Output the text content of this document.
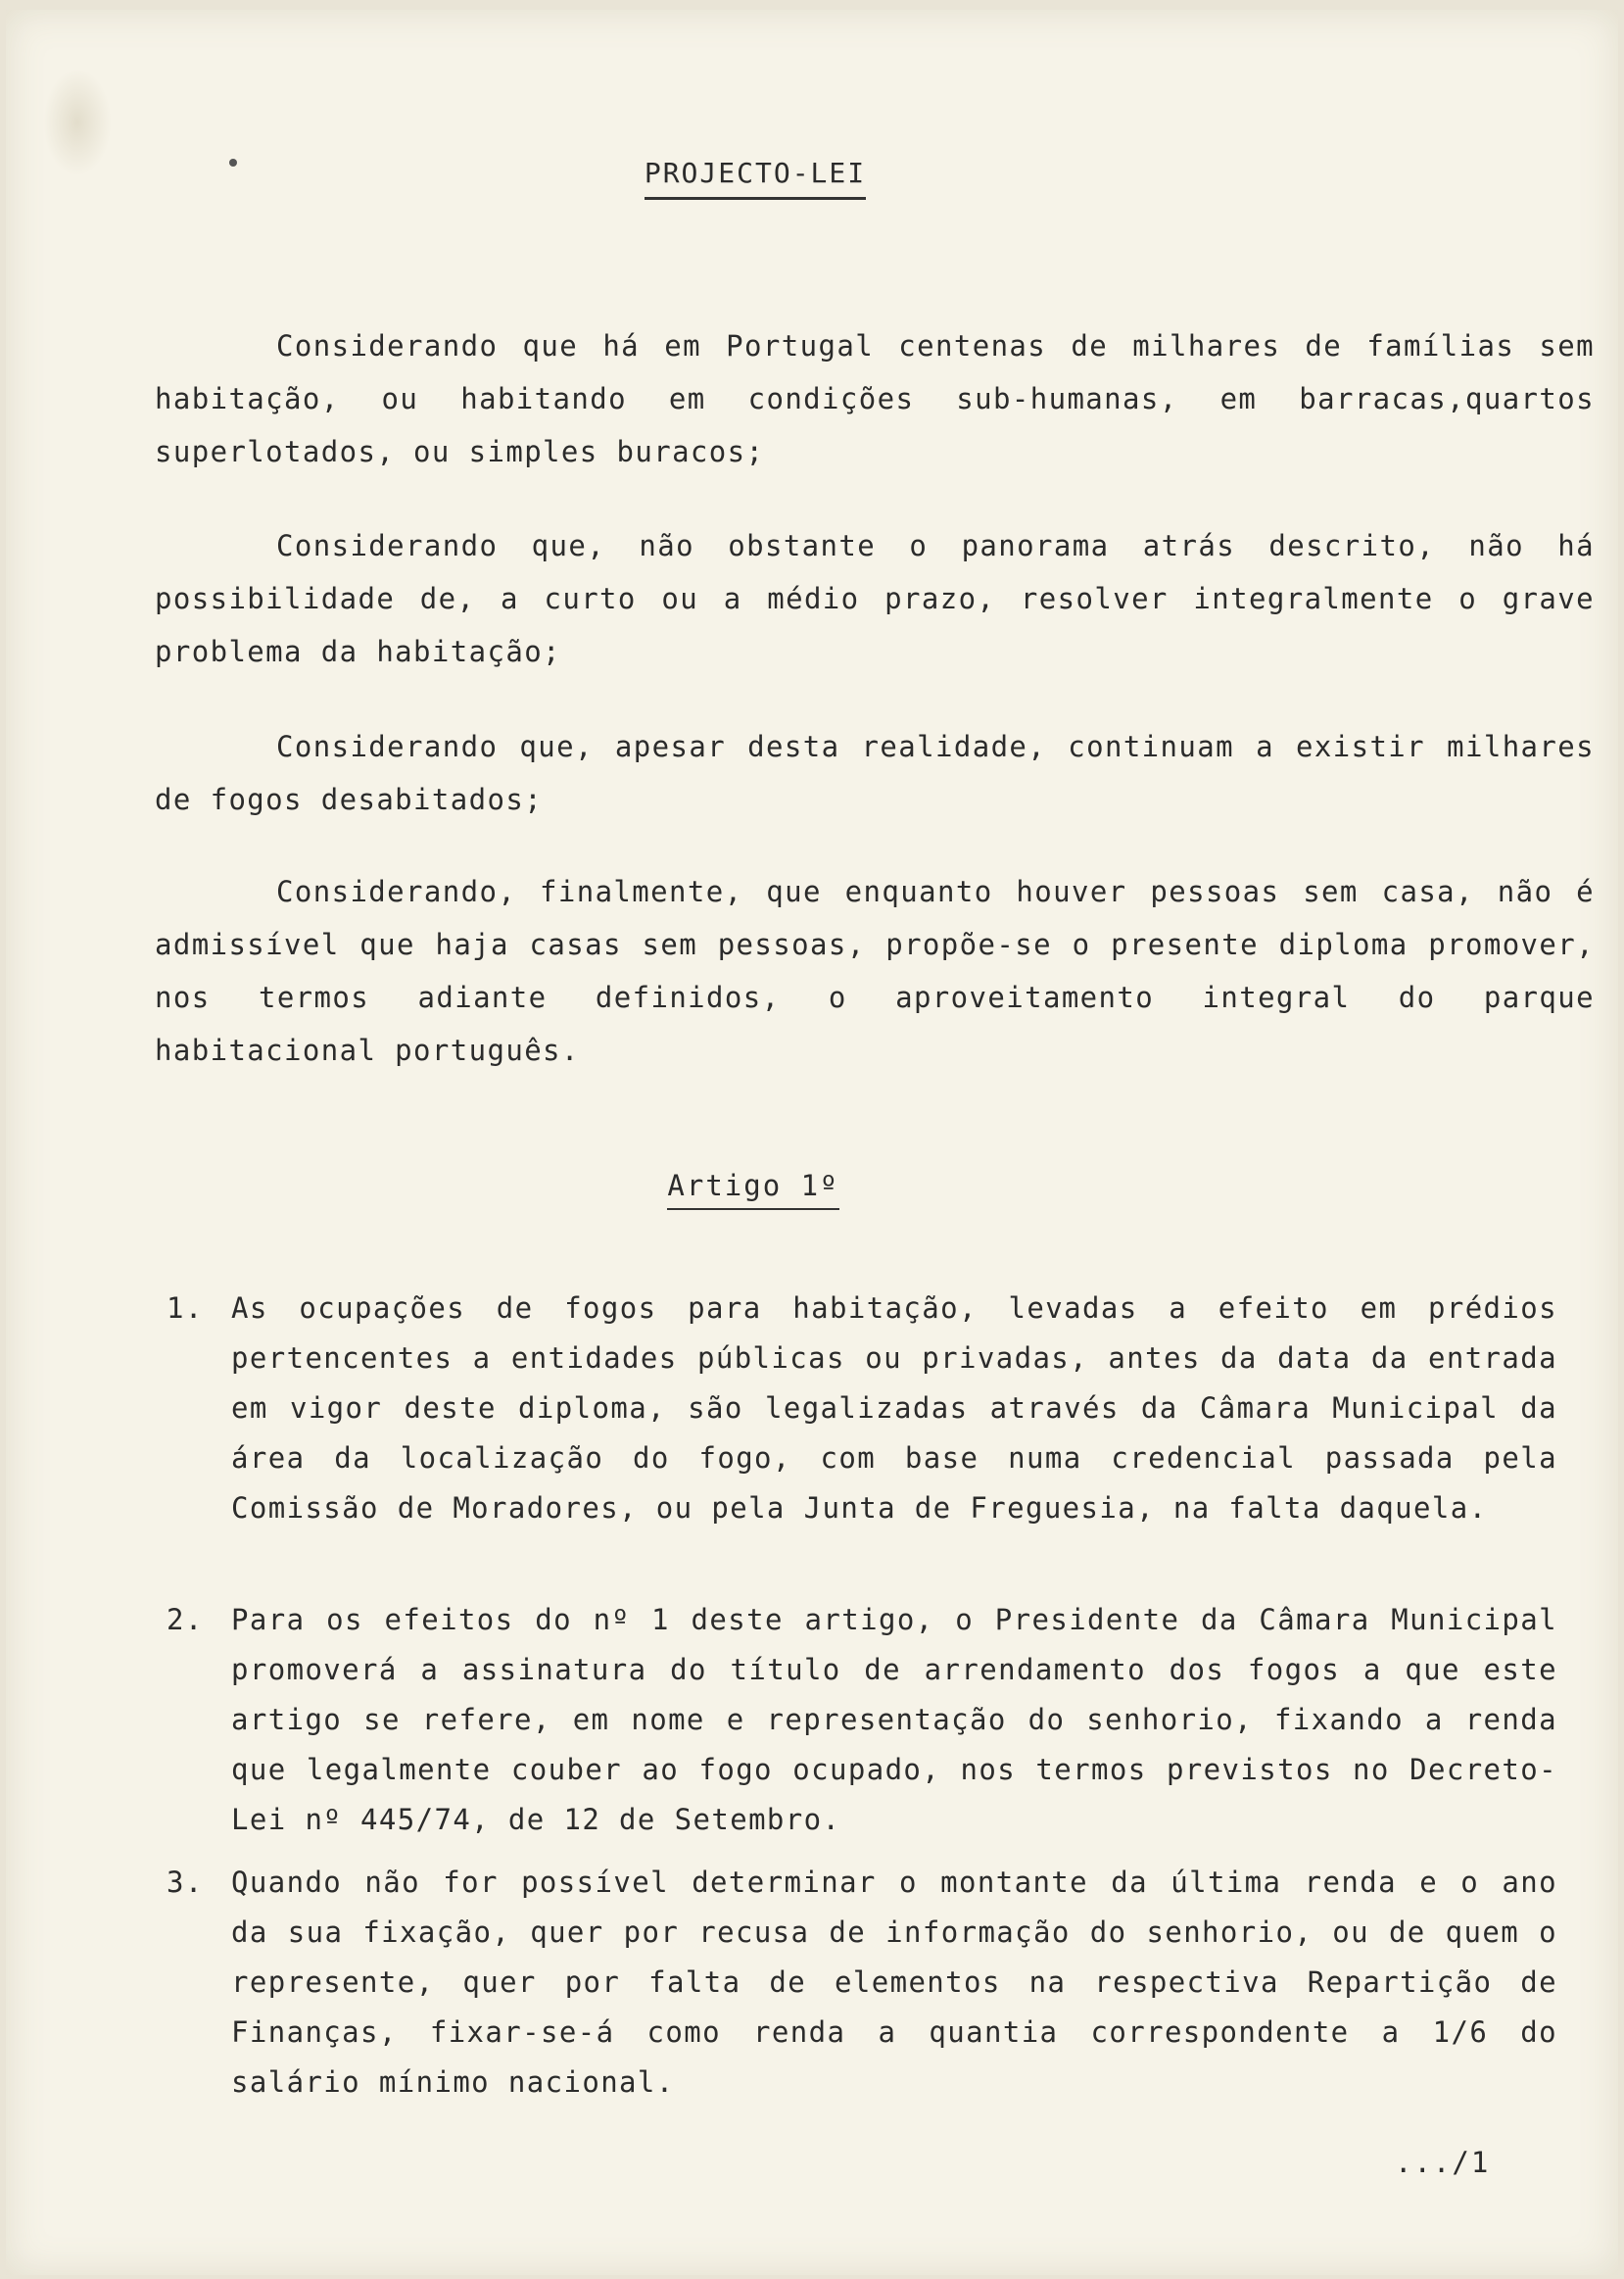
PROJECTO-LEI

Considerando que há em Portugal centenas de milhares de famílias sem habitação, ou habitando em condições sub-humanas, em barracas,quartos superlotados, ou simples buracos;

Considerando que, não obstante o panorama atrás descrito, não há possibilidade de, a curto ou a médio prazo, resolver integralmente o grave problema da habitação;

Considerando que, apesar desta realidade, continuam a existir milhares de fogos desabitados;

Considerando, finalmente, que enquanto houver pessoas sem casa, não é admissível que haja casas sem pessoas, propõe-se o presente diploma promover, nos termos adiante definidos, o aproveitamento integral do parque habitacional português.

Artigo 1º
1. As ocupações de fogos para habitação, levadas a efeito em prédios pertencentes a entidades públicas ou privadas, antes da data da entrada em vigor deste diploma, são legalizadas através da Câmara Municipal da área da localização do fogo, com base numa credencial passada pela Comissão de Moradores, ou pela Junta de Freguesia, na falta daquela.
2. Para os efeitos do nº 1 deste artigo, o Presidente da Câmara Municipal promoverá a assinatura do título de arrendamento dos fogos a que este artigo se refere, em nome e representação do senhorio, fixando a renda que legalmente couber ao fogo ocupado, nos termos previstos no Decreto-Lei nº 445/74, de 12 de Setembro.
3. Quando não for possível determinar o montante da última renda e o ano da sua fixação, quer por recusa de informação do senhorio, ou de quem o represente, quer por falta de elementos na respectiva Repartição de Finanças, fixar-se-á como renda a quantia correspondente a 1/6 do salário mínimo nacional.
.../1
